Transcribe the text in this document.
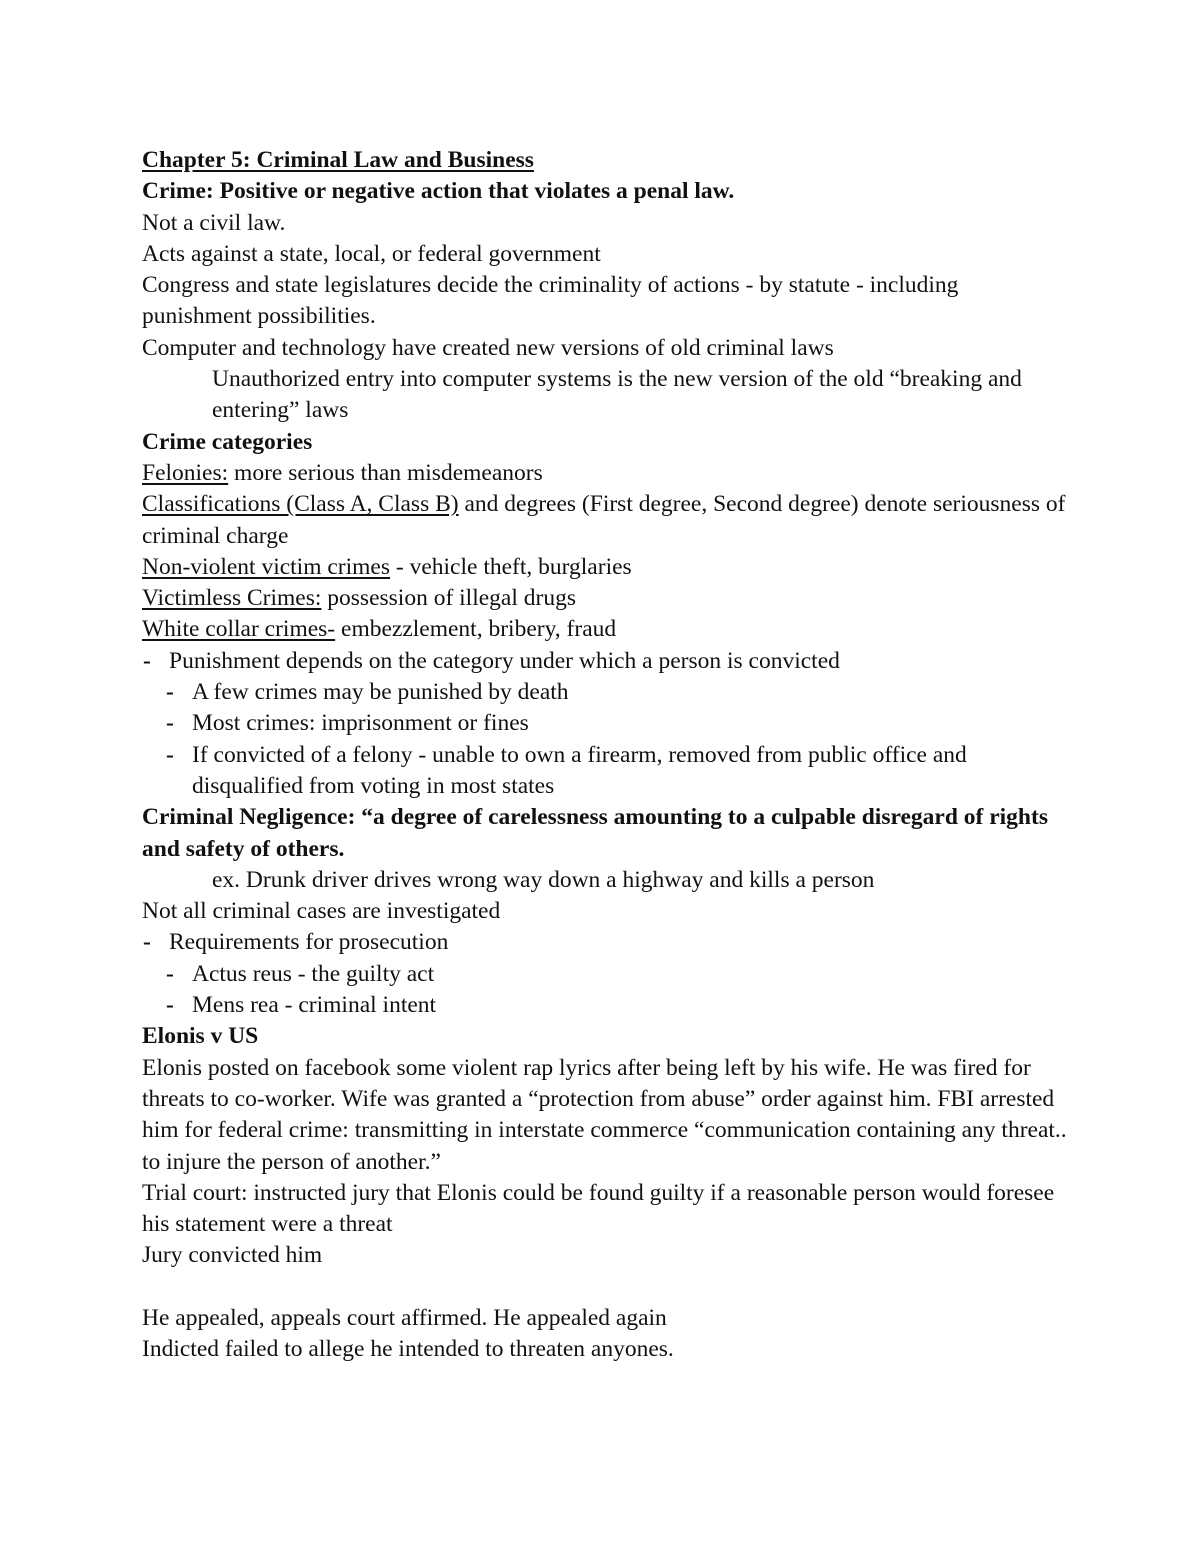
Chapter 5: Criminal Law and Business
Crime: Positive or negative action that violates a penal law.
Not a civil law.
Acts against a state, local, or federal government
Congress and state legislatures decide the criminality of actions - by statute - including punishment possibilities.
Computer and technology have created new versions of old criminal laws
Unauthorized entry into computer systems is the new version of the old “breaking and entering” laws
Crime categories
Felonies: more serious than misdemeanors
Classifications (Class A, Class B) and degrees (First degree, Second degree) denote seriousness of criminal charge
Non-violent victim crimes - vehicle theft, burglaries
Victimless Crimes: possession of illegal drugs
White collar crimes- embezzlement, bribery, fraud
- Punishment depends on the category under which a person is convicted
- A few crimes may be punished by death
- Most crimes: imprisonment or fines
- If convicted of a felony - unable to own a firearm, removed from public office and disqualified from voting in most states
Criminal Negligence: “a degree of carelessness amounting to a culpable disregard of rights and safety of others.
ex. Drunk driver drives wrong way down a highway and kills a person
Not all criminal cases are investigated
- Requirements for prosecution
- Actus reus - the guilty act
- Mens rea - criminal intent
Elonis v US
Elonis posted on facebook some violent rap lyrics after being left by his wife. He was fired for threats to co-worker. Wife was granted a “protection from abuse” order against him. FBI arrested him for federal crime: transmitting in interstate commerce “communication containing any threat.. to injure the person of another.”
Trial court: instructed jury that Elonis could be found guilty if a reasonable person would foresee his statement were a threat
Jury convicted him
He appealed, appeals court affirmed. He appealed again
Indicted failed to allege he intended to threaten anyones.
